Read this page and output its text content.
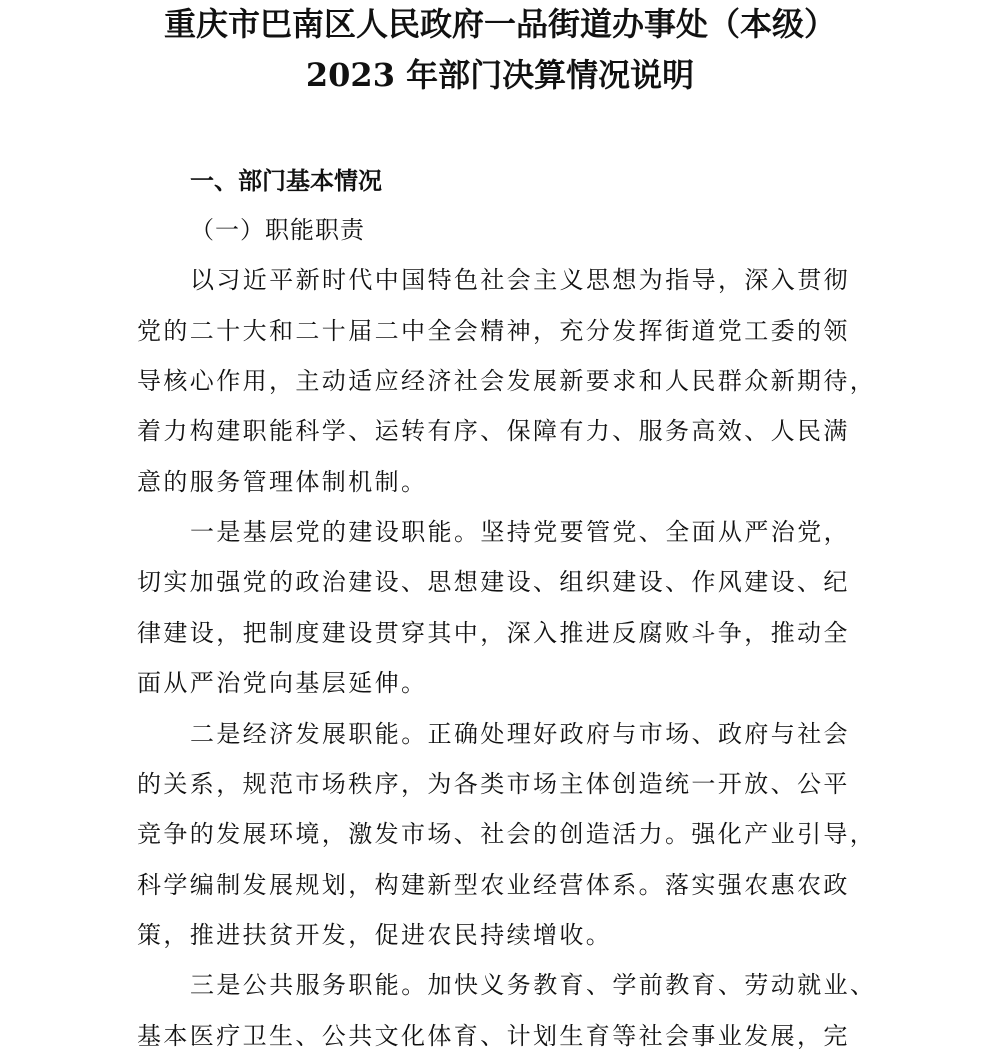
重庆市巴南区人民政府一品街道办事处（本级）
2023 年部门决算情况说明
一、部门基本情况
（一）职能职责
以习近平新时代中国特色社会主义思想为指导，深入贯彻
党的二十大和二十届二中全会精神，充分发挥街道党工委的领
导核心作用，主动适应经济社会发展新要求和人民群众新期待，
着力构建职能科学、运转有序、保障有力、服务高效、人民满
意的服务管理体制机制。
一是基层党的建设职能。坚持党要管党、全面从严治党，
切实加强党的政治建设、思想建设、组织建设、作风建设、纪
律建设，把制度建设贯穿其中，深入推进反腐败斗争，推动全
面从严治党向基层延伸。
二是经济发展职能。正确处理好政府与市场、政府与社会
的关系，规范市场秩序，为各类市场主体创造统一开放、公平
竞争的发展环境，激发市场、社会的创造活力。强化产业引导，
科学编制发展规划，构建新型农业经营体系。落实强农惠农政
策，推进扶贫开发，促进农民持续增收。
三是公共服务职能。加快义务教育、学前教育、劳动就业、
基本医疗卫生、公共文化体育、计划生育等社会事业发展，完
